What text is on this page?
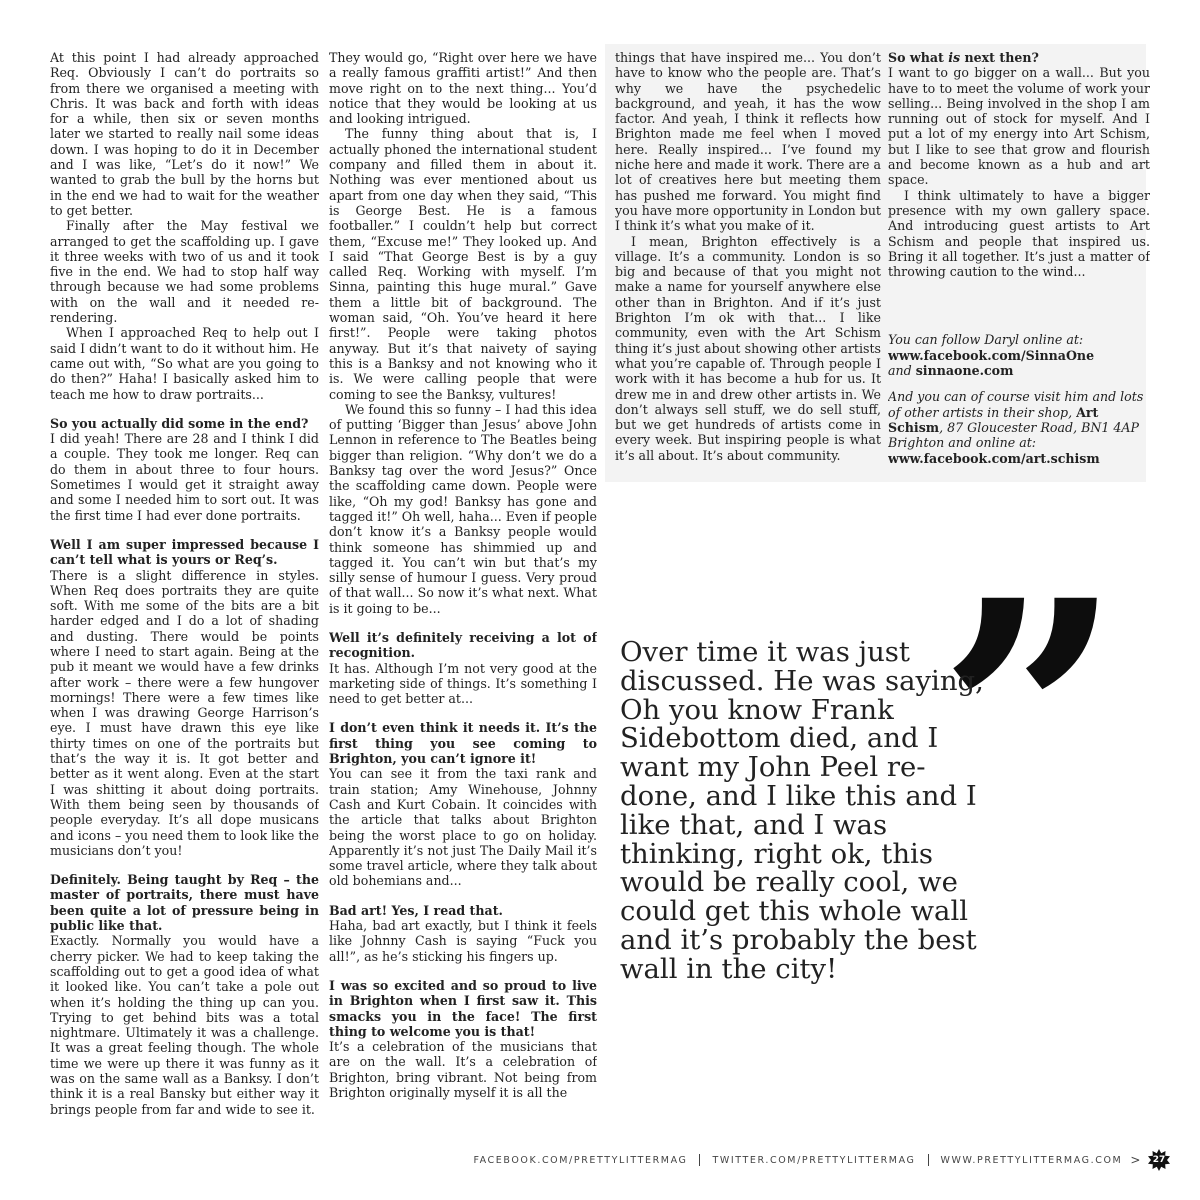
At this point I had already approached Req. Obviously I can’t do portraits so from there we organised a meeting with Chris. It was back and forth with ideas for a while, then six or seven months later we started to really nail some ideas down. I was hoping to do it in December and I was like, “Let’s do it now!” We wanted to grab the bull by the horns but in the end we had to wait for the weather to get better.

Finally after the May festival we arranged to get the scaffolding up. I gave it three weeks with two of us and it took five in the end. We had to stop half way through because we had some problems with on the wall and it needed re-rendering.

When I approached Req to help out I said I didn’t want to do it without him. He came out with, “So what are you going to do then?” Haha! I basically asked him to teach me how to draw portraits...

So you actually did some in the end?

I did yeah! There are 28 and I think I did a couple. They took me longer. Req can do them in about three to four hours. Sometimes I would get it straight away and some I needed him to sort out. It was the first time I had ever done portraits.

Well I am super impressed because I can’t tell what is yours or Req’s.

There is a slight difference in styles. When Req does portraits they are quite soft. With me some of the bits are a bit harder edged and I do a lot of shading and dusting. There would be points where I need to start again. Being at the pub it meant we would have a few drinks after work – there were a few hungover mornings! There were a few times like when I was drawing George Harrison’s eye. I must have drawn this eye like thirty times on one of the portraits but that’s the way it is. It got better and better as it went along. Even at the start I was shitting it about doing portraits. With them being seen by thousands of people everyday. It’s all dope musicans and icons – you need them to look like the musicians don’t you!

Definitely. Being taught by Req – the master of portraits, there must have been quite a lot of pressure being in public like that.

Exactly. Normally you would have a cherry picker. We had to keep taking the scaffolding out to get a good idea of what it looked like. You can’t take a pole out when it’s holding the thing up can you. Trying to get behind bits was a total nightmare. Ultimately it was a challenge. It was a great feeling though. The whole time we were up there it was funny as it was on the same wall as a Banksy. I don’t think it is a real Bansky but either way it brings people from far and wide to see it.

They would go, “Right over here we have a really famous graffiti artist!” And then move right on to the next thing... You’d notice that they would be looking at us and looking intrigued.

The funny thing about that is, I actually phoned the international student company and filled them in about it. Nothing was ever mentioned about us apart from one day when they said, “This is George Best. He is a famous footballer.” I couldn’t help but correct them, “Excuse me!” They looked up. And I said “That George Best is by a guy called Req. Working with myself. I’m Sinna, painting this huge mural.” Gave them a little bit of background. The woman said, “Oh. You’ve heard it here first!”. People were taking photos anyway. But it’s that naivety of saying this is a Banksy and not knowing who it is. We were calling people that were coming to see the Banksy, vultures!

We found this so funny – I had this idea of putting ‘Bigger than Jesus’ above John Lennon in reference to The Beatles being bigger than religion. “Why don’t we do a Banksy tag over the word Jesus?” Once the scaffolding came down. People were like, “Oh my god! Banksy has gone and tagged it!” Oh well, haha... Even if people don’t know it’s a Banksy people would think someone has shimmied up and tagged it. You can’t win but that’s my silly sense of humour I guess. Very proud of that wall... So now it’s what next. What is it going to be...

Well it’s definitely receiving a lot of recognition.

It has. Although I’m not very good at the marketing side of things. It’s something I need to get better at...

I don’t even think it needs it. It’s the first thing you see coming to Brighton, you can’t ignore it!

You can see it from the taxi rank and train station; Amy Winehouse, Johnny Cash and Kurt Cobain. It coincides with the article that talks about Brighton being the worst place to go on holiday. Apparently it’s not just The Daily Mail it’s some travel article, where they talk about old bohemians and...

Bad art! Yes, I read that.

Haha, bad art exactly, but I think it feels like Johnny Cash is saying “Fuck you all!”, as he’s sticking his fingers up.

I was so excited and so proud to live in Brighton when I first saw it. This smacks you in the face! The first thing to welcome you is that!

It’s a celebration of the musicians that are on the wall. It’s a celebration of Brighton, bring vibrant. Not being from Brighton originally myself it is all the

things that have inspired me... You don’t have to know who the people are. That’s why we have the psychedelic background, and yeah, it has the wow factor. And yeah, I think it reflects how Brighton made me feel when I moved here. Really inspired... I’ve found my niche here and made it work. There are a lot of creatives here but meeting them has pushed me forward. You might find you have more opportunity in London but I think it’s what you make of it.

I mean, Brighton effectively is a village. It’s a community. London is so big and because of that you might not make a name for yourself anywhere else other than in Brighton. And if it’s just Brighton I’m ok with that... I like community, even with the Art Schism thing it’s just about showing other artists what you’re capable of. Through people I work with it has become a hub for us. It drew me in and drew other artists in. We don’t always sell stuff, we do sell stuff, but we get hundreds of artists come in every week. But inspiring people is what it’s all about. It’s about community.

So what is next then?

I want to go bigger on a wall... But you have to to meet the volume of work your selling... Being involved in the shop I am running out of stock for myself. And I put a lot of my energy into Art Schism, but I like to see that grow and flourish and become known as a hub and art space.

I think ultimately to have a bigger presence with my own gallery space. And introducing guest artists to Art Schism and people that inspired us. Bring it all together. It’s just a matter of throwing caution to the wind...

You can follow Daryl online at:

www.facebook.com/SinnaOne
and sinnaone.com

And you can of course visit him and lots of other artists in their shop, Art Schism, 87 Gloucester Road, BN1 4AP Brighton and online at:
www.facebook.com/art.schism

”

Over time it was just discussed. He was saying, Oh you know Frank Sidebottom died, and I want my John Peel re-done, and I like this and I like that, and I was thinking, right ok, this would be really cool, we could get this whole wall and it’s probably the best wall in the city!

FACEBOOK.COM/PRETTYLITTERMAG	TWITTER.COM/PRETTYLITTERMAG	WWW.PRETTYLITTERMAG.COM >	27
